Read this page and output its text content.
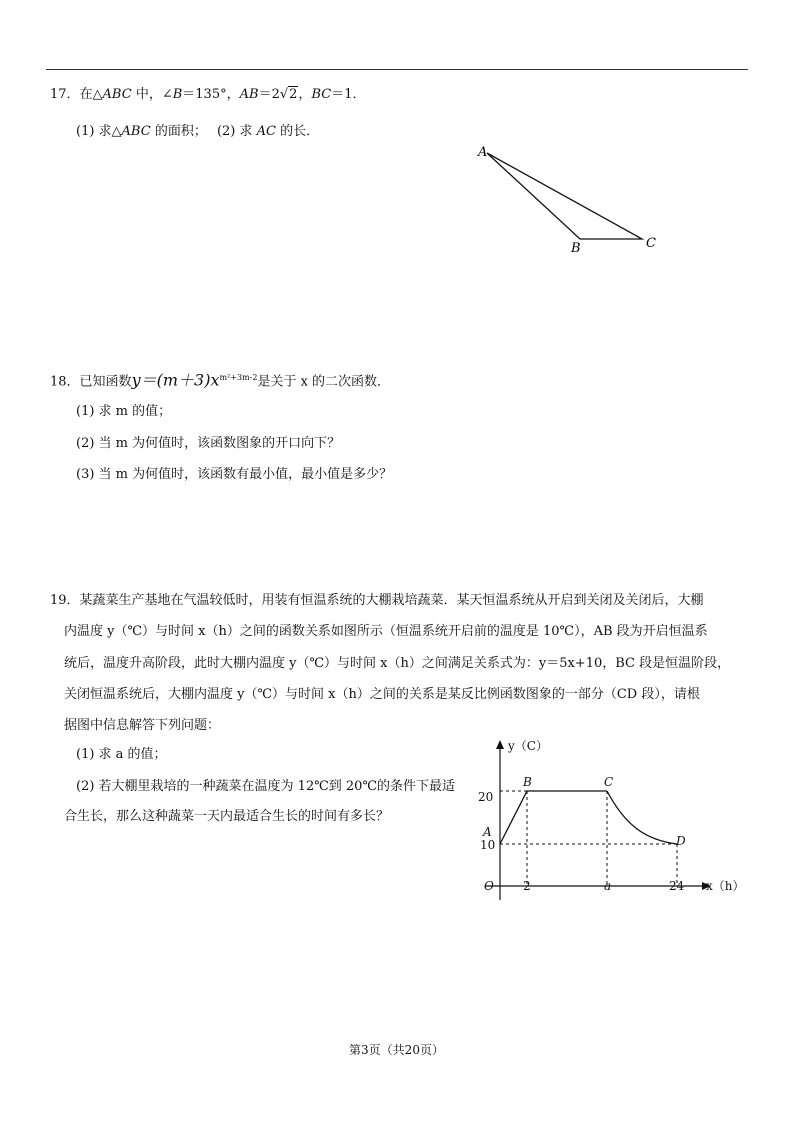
17．在△ABC 中，∠B＝135°，AB＝2√2，BC＝1．
(1) 求△ABC 的面积； (2) 求 AC 的长．
A
B	C
18．已知函数$y=(m+3)x^{m^2+3m-2}$是关于 x 的二次函数．
(1) 求 m 的值；
(2) 当 m 为何值时，该函数图象的开口向下？
(3) 当 m 为何值时，该函数有最小值，最小值是多少？
19．某蔬菜生产基地在气温较低时，用装有恒温系统的大棚栽培蔬菜．某天恒温系统从开启到关闭及关闭后，大棚
内温度 y（℃）与时间 x（h）之间的函数关系如图所示（恒温系统开启前的温度是 10℃），AB 段为开启恒温系
统后，温度升高阶段，此时大棚内温度 y（℃）与时间 x（h）之间满足关系式为：y＝5x+10，BC 段是恒温阶段，
关闭恒温系统后，大棚内温度 y（℃）与时间 x（h）之间的关系是某反比例函数图象的一部分（CD 段），请根
据图中信息解答下列问题：
(1) 求 a 的值；
(2) 若大棚里栽培的一种蔬菜在温度为 12℃到 20℃的条件下最适
合生长，那么这种蔬菜一天内最适合生长的时间有多长？
y（C）
x（h）
O 2	a	24
20
10
A
B	C
D
第3页（共20页）
